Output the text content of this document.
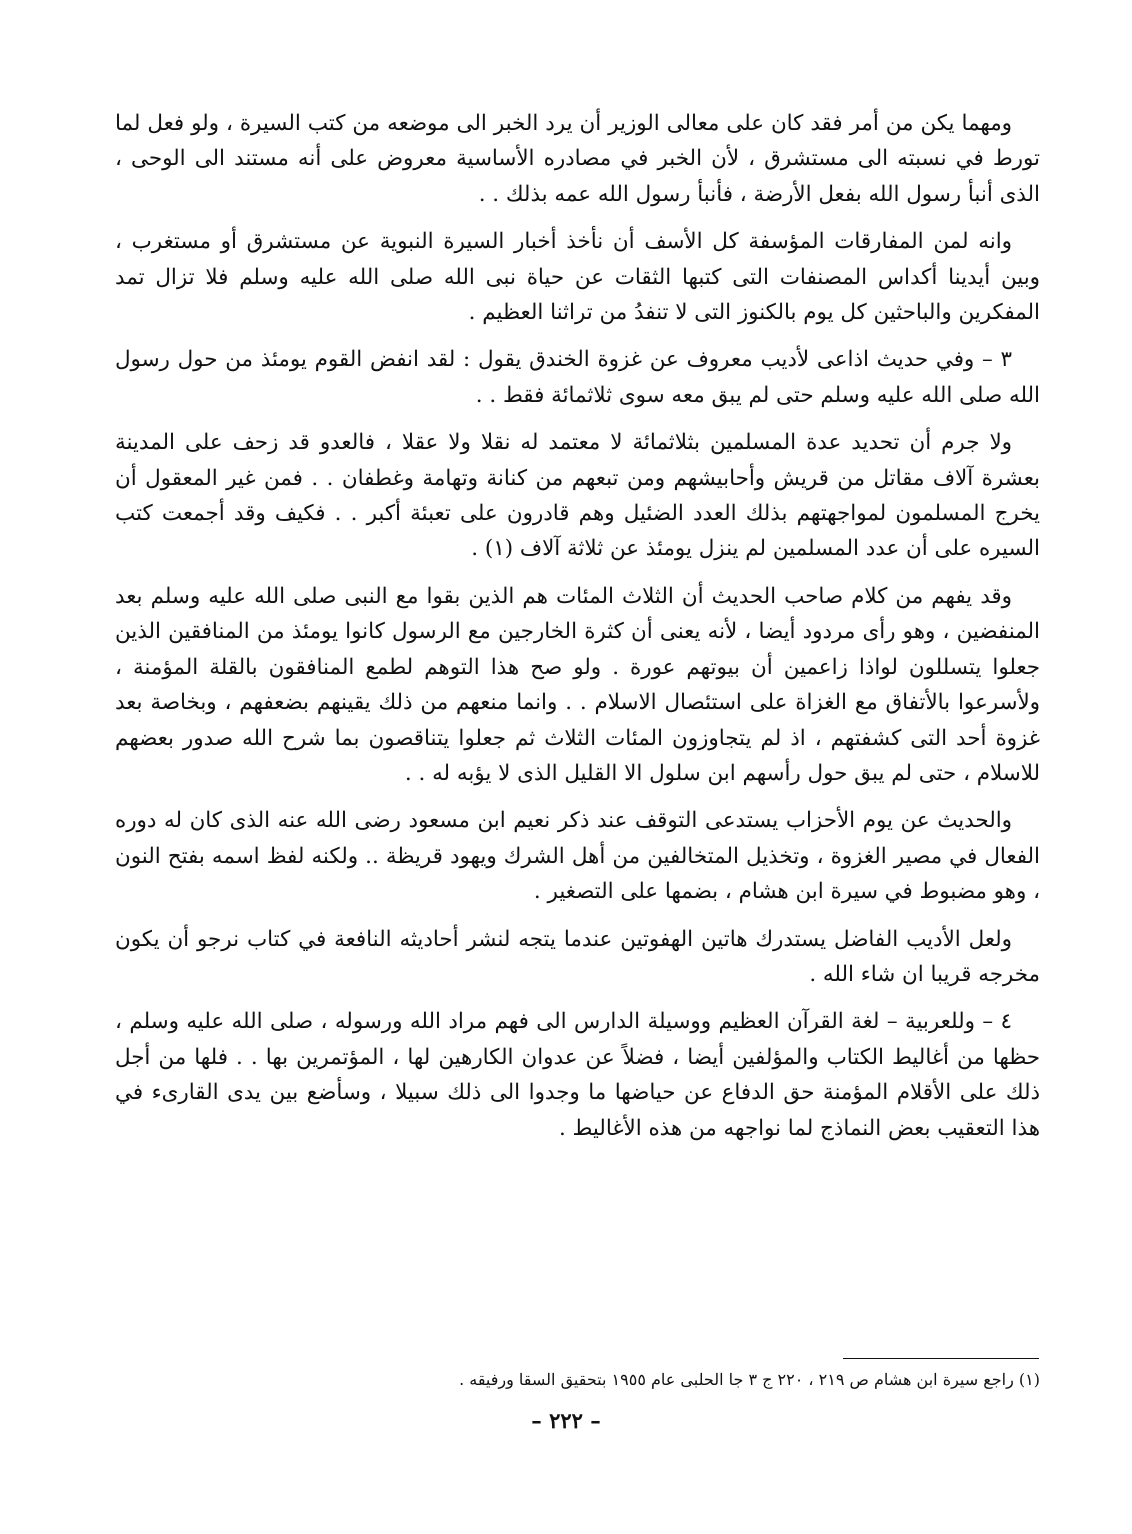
ومهما يكن من أمر فقد كان على معالى الوزير أن يرد الخبر الى موضعه من كتب السيرة ، ولو فعل لما تورط في نسبته الى مستشرق ، لأن الخبر في مصادره الأساسية معروض على أنه مستند الى الوحى ، الذى أنبأ رسول الله بفعل الأرضة ، فأنبأ رسول الله عمه بذلك . .

وانه لمن المفارقات المؤسفة كل الأسف أن نأخذ أخبار السيرة النبوية عن مستشرق أو مستغرب ، وبين أيدينا أكداس المصنفات التى كتبها الثقات عن حياة نبى الله صلى الله عليه وسلم فلا تزال تمد المفكرين والباحثين كل يوم بالكنوز التى لا تنفدُ من تراثنا العظيم .

٣ – وفي حديث اذاعى لأديب معروف عن غزوة الخندق يقول : لقد انفض القوم يومئذ من حول رسول الله صلى الله عليه وسلم حتى لم يبق معه سوى ثلاثمائة فقط . .

ولا جرم أن تحديد عدة المسلمين بثلاثمائة لا معتمد له نقلا ولا عقلا ، فالعدو قد زحف على المدينة بعشرة آلاف مقاتل من قريش وأحابيشهم ومن تبعهم من كنانة وتهامة وغطفان . . فمن غير المعقول أن يخرج المسلمون لمواجهتهم بذلك العدد الضئيل وهم قادرون على تعبئة أكبر . . فكيف وقد أجمعت كتب السيره على أن عدد المسلمين لم ينزل يومئذ عن ثلاثة آلاف (١) .

وقد يفهم من كلام صاحب الحديث أن الثلاث المئات هم الذين بقوا مع النبى صلى الله عليه وسلم بعد المنفضين ، وهو رأى مردود أيضا ، لأنه يعنى أن كثرة الخارجين مع الرسول كانوا يومئذ من المنافقين الذين جعلوا يتسللون لواذا زاعمين أن بيوتهم عورة . ولو صح هذا التوهم لطمع المنافقون بالقلة المؤمنة ، ولأسرعوا بالأتفاق مع الغزاة على استئصال الاسلام . . وانما منعهم من ذلك يقينهم بضعفهم ، وبخاصة بعد غزوة أحد التى كشفتهم ، اذ لم يتجاوزون المئات الثلاث ثم جعلوا يتناقصون بما شرح الله صدور بعضهم للاسلام ، حتى لم يبق حول رأسهم ابن سلول الا القليل الذى لا يؤبه له . .

والحديث عن يوم الأحزاب يستدعى التوقف عند ذكر نعيم ابن مسعود رضى الله عنه الذى كان له دوره الفعال في مصير الغزوة ، وتخذيل المتخالفين من أهل الشرك ويهود قريظة .. ولكنه لفظ اسمه بفتح النون ، وهو مضبوط في سيرة ابن هشام ، بضمها على التصغير .

ولعل الأديب الفاضل يستدرك هاتين الهفوتين عندما يتجه لنشر أحاديثه النافعة في كتاب نرجو أن يكون مخرجه قريبا ان شاء الله .

٤ – وللعربية – لغة القرآن العظيم ووسيلة الدارس الى فهم مراد الله ورسوله ، صلى الله عليه وسلم ، حظها من أغاليط الكتاب والمؤلفين أيضا ، فضلاً عن عدوان الكارهين لها ، المؤتمرين بها . . فلها من أجل ذلك على الأقلام المؤمنة حق الدفاع عن حياضها ما وجدوا الى ذلك سبيلا ، وسأضع بين يدى القارىء في هذا التعقيب بعض النماذج لما نواجهه من هذه الأغاليط .

(١) راجع سيرة ابن هشام ص ٢١٩ ، ٢٢٠ ج ٣ جا الحلبى عام ١٩٥٥ بتحقيق السقا ورفيقه .
– ٢٢٢ –
